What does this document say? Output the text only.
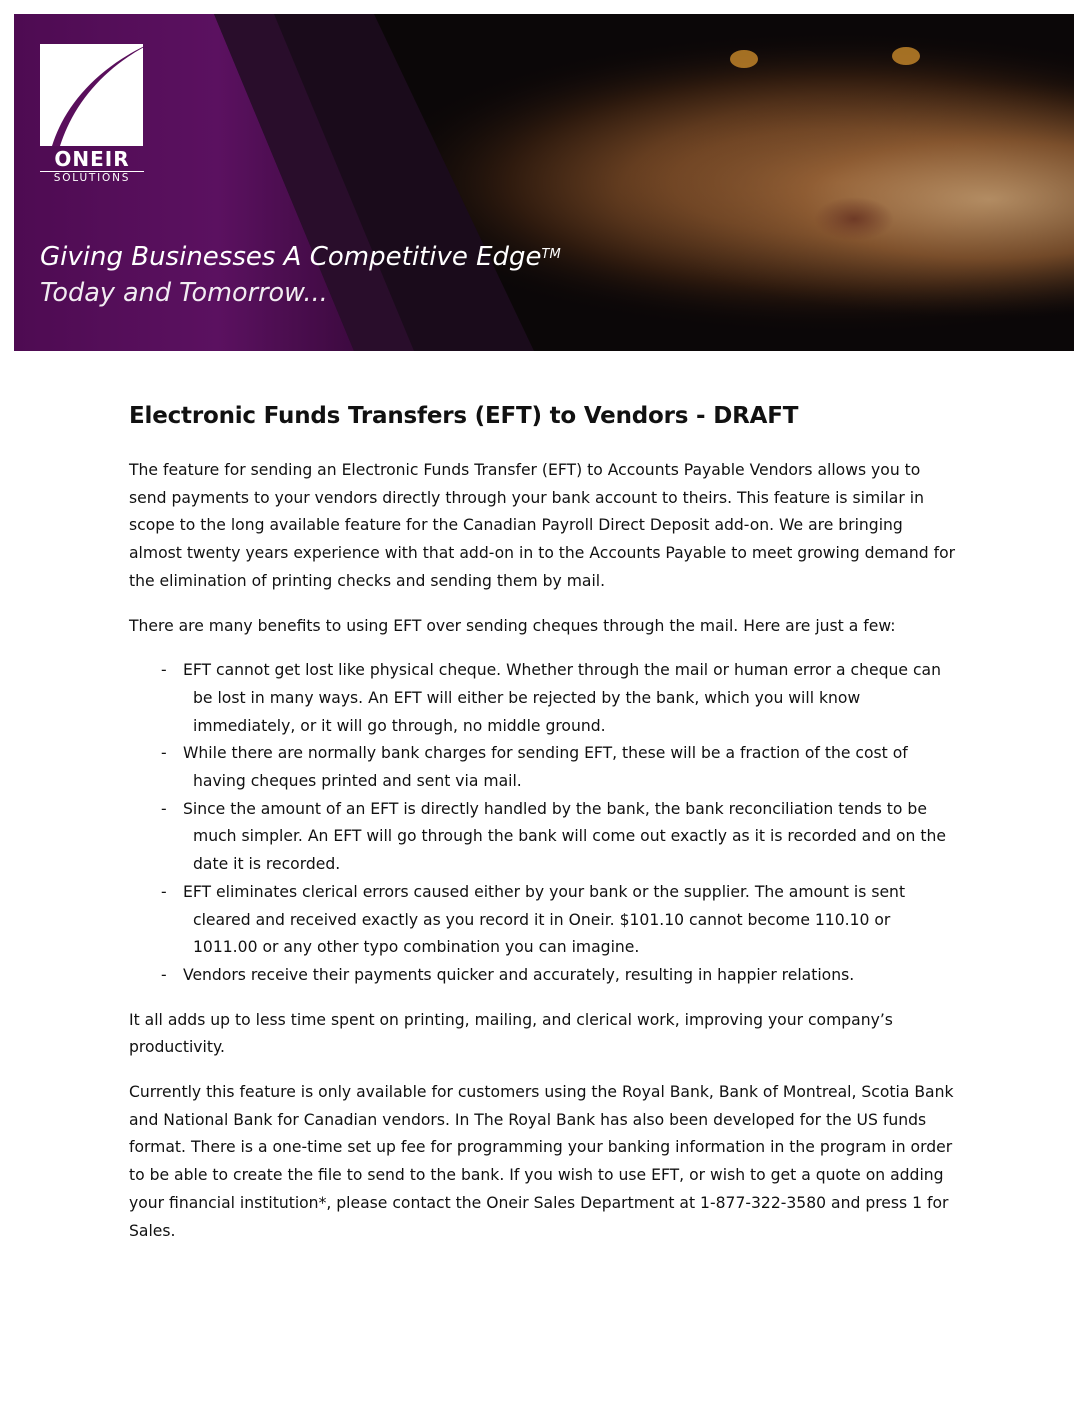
ONEIR
SOLUTIONS
Giving Businesses A Competitive Edge™
Today and Tomorrow...
Electronic Funds Transfers (EFT) to Vendors - DRAFT

The feature for sending an Electronic Funds Transfer (EFT) to Accounts Payable Vendors allows you to send payments to your vendors directly through your bank account to theirs. This feature is similar in scope to the long available feature for the Canadian Payroll Direct Deposit add-on. We are bringing almost twenty years experience with that add-on in to the Accounts Payable to meet growing demand for the elimination of printing checks and sending them by mail.

There are many benefits to using EFT over sending cheques through the mail. Here are just a few:

- EFT cannot get lost like physical cheque. Whether through the mail or human error a cheque can be lost in many ways. An EFT will either be rejected by the bank, which you will know immediately, or it will go through, no middle ground.
- While there are normally bank charges for sending EFT, these will be a fraction of the cost of having cheques printed and sent via mail.
- Since the amount of an EFT is directly handled by the bank, the bank reconciliation tends to be much simpler. An EFT will go through the bank will come out exactly as it is recorded and on the date it is recorded.
- EFT eliminates clerical errors caused either by your bank or the supplier. The amount is sent cleared and received exactly as you record it in Oneir. $101.10 cannot become 110.10 or 1011.00 or any other typo combination you can imagine.
- Vendors receive their payments quicker and accurately, resulting in happier relations.

It all adds up to less time spent on printing, mailing, and clerical work, improving your company’s productivity.

Currently this feature is only available for customers using the Royal Bank, Bank of Montreal, Scotia Bank and National Bank for Canadian vendors. In The Royal Bank has also been developed for the US funds format. There is a one-time set up fee for programming your banking information in the program in order to be able to create the file to send to the bank. If you wish to use EFT, or wish to get a quote on adding your financial institution*, please contact the Oneir Sales Department at 1-877-322-3580 and press 1 for Sales.
